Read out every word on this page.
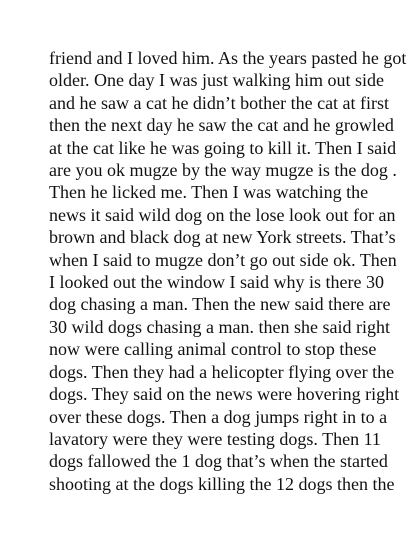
friend and I loved him. As the years pasted he got
older. One day I was just walking him out side
and he saw a cat he didn’t bother the cat at first
then the next day he saw the cat and he growled
at the cat like he was going to kill it. Then I said
are you ok mugze by the way mugze is the dog .
Then he licked me. Then I was watching the
news it said wild dog on the lose look out for an
brown and black dog at new York streets. That’s
when I said to mugze don’t go out side ok. Then
I looked out the window I said why is there 30
dog chasing a man. Then the new said there are
30 wild dogs chasing a man. then she said right
now were calling animal control to stop these
dogs. Then they had a helicopter flying over the
dogs. They said on the news were hovering right
over these dogs. Then a dog jumps right in to a
lavatory were they were testing dogs. Then 11
dogs fallowed the 1 dog that’s when the started
shooting at the dogs killing the 12 dogs then the
